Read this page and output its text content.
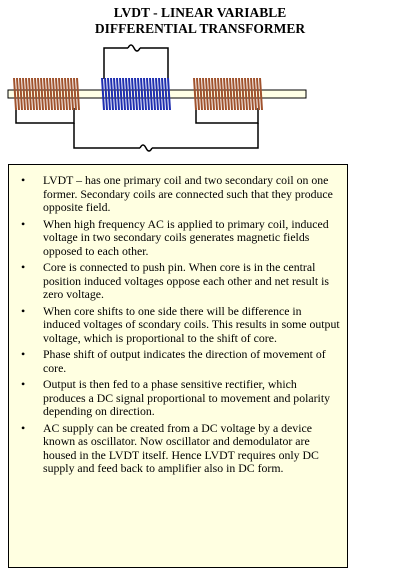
LVDT - LINEAR VARIABLE
DIFFERENTIAL TRANSFORMER
• LVDT – has one primary coil and two secondary coil on one former. Secondary coils are connected such that they produce opposite field.
• When high frequency AC is applied to primary coil, induced voltage in two secondary coils generates magnetic fields opposed to each other.
• Core is connected to push pin. When core is in the central position induced voltages oppose each other and net result is zero voltage.
• When core shifts to one side there will be difference in induced voltages of scondary coils. This results in some output voltage, which is proportional to the shift of core.
• Phase shift of output indicates the direction of movement of core.
• Output is then fed to a phase sensitive rectifier, which produces a DC signal proportional to movement and polarity depending on direction.
• AC supply can be created from a DC voltage by a device known as oscillator. Now oscillator and demodulator are housed in the LVDT itself. Hence LVDT requires only DC supply and feed back to amplifier also in DC form.
